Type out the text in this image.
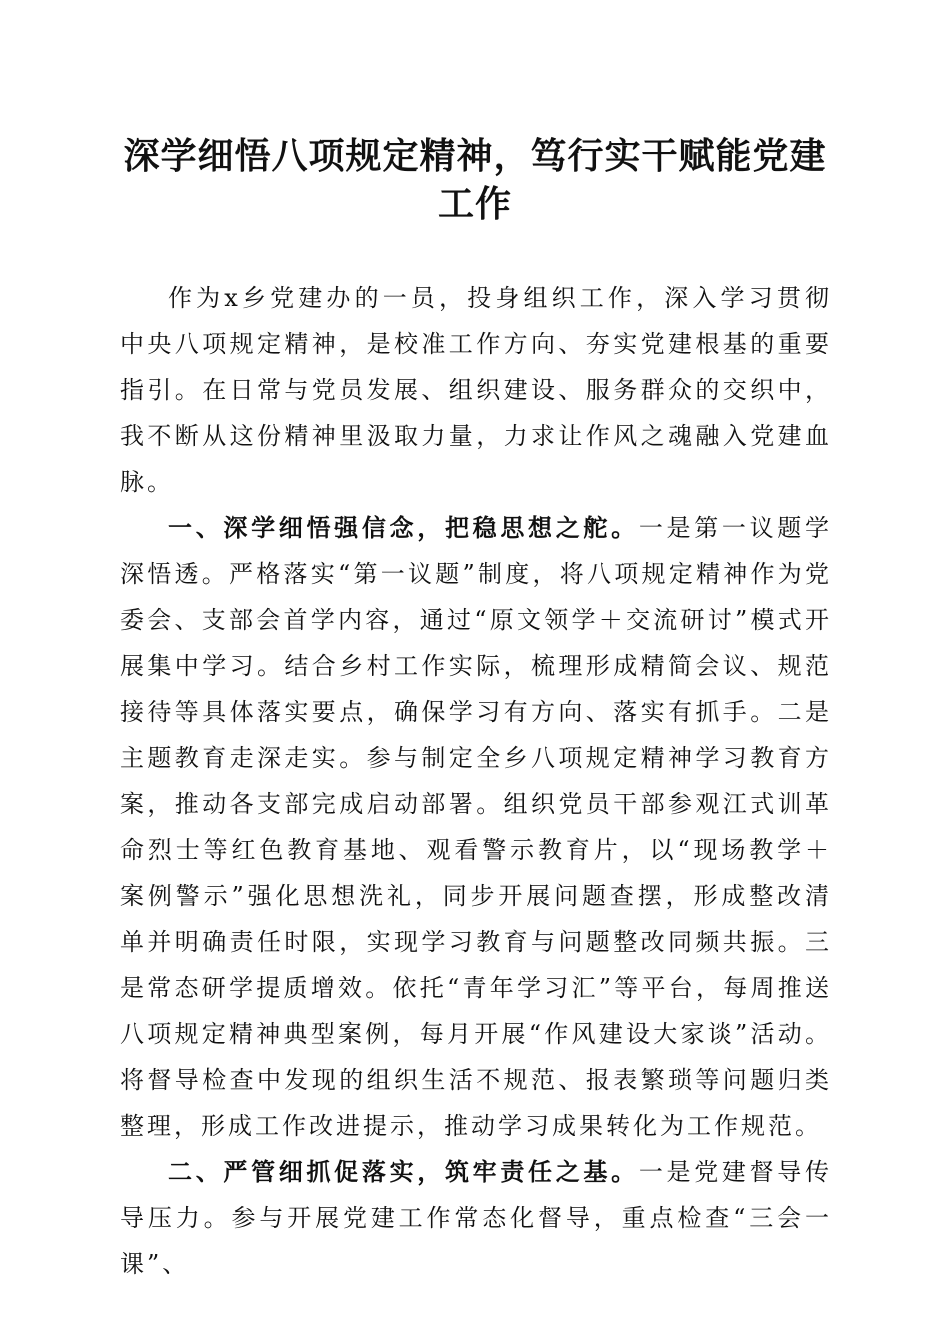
深学细悟八项规定精神，笃行实干赋能党建工作

作为x乡党建办的一员，投身组织工作，深入学习贯彻中央八项规定精神，是校准工作方向、夯实党建根基的重要指引。在日常与党员发展、组织建设、服务群众的交织中，我不断从这份精神里汲取力量，力求让作风之魂融入党建血脉。

一、深学细悟强信念，把稳思想之舵。一是第一议题学深悟透。严格落实“第一议题”制度，将八项规定精神作为党委会、支部会首学内容，通过“原文领学＋交流研讨”模式开展集中学习。结合乡村工作实际，梳理形成精简会议、规范接待等具体落实要点，确保学习有方向、落实有抓手。二是主题教育走深走实。参与制定全乡八项规定精神学习教育方案，推动各支部完成启动部署。组织党员干部参观江式训革命烈士等红色教育基地、观看警示教育片，以“现场教学＋案例警示”强化思想洗礼，同步开展问题查摆，形成整改清单并明确责任时限，实现学习教育与问题整改同频共振。三是常态研学提质增效。依托“青年学习汇”等平台，每周推送八项规定精神典型案例，每月开展“作风建设大家谈”活动。将督导检查中发现的组织生活不规范、报表繁琐等问题归类整理，形成工作改进提示，推动学习成果转化为工作规范。

二、严管细抓促落实，筑牢责任之基。一是党建督导传导压力。参与开展党建工作常态化督导，重点检查“三会一课”、
